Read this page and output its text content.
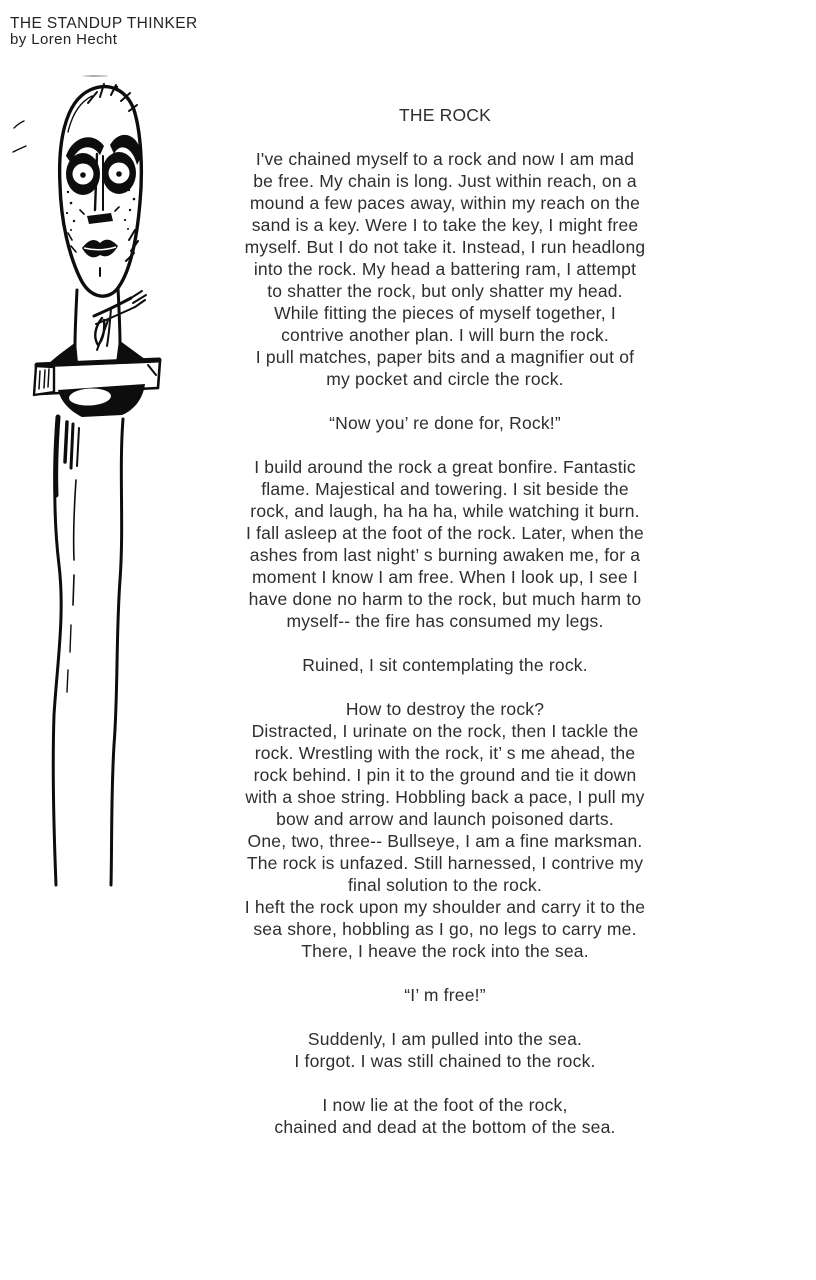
THE STANDUP THINKER
by Loren Hecht
THE ROCK
I've chained myself to a rock and now I am mad
be free. My chain is long. Just within reach, on a
mound a few paces away, within my reach on the
sand is a key. Were I to take the key, I might free
myself. But I do not take it. Instead, I run headlong
into the rock. My head a battering ram, I attempt
to shatter the rock, but only shatter my head.
While fitting the pieces of myself together, I
contrive another plan. I will burn the rock.
I pull matches, paper bits and a magnifier out of
my pocket and circle the rock.
“Now you’ re done for, Rock!”
I build around the rock a great bonfire. Fantastic
flame. Majestical and towering. I sit beside the
rock, and laugh, ha ha ha, while watching it burn.
I fall asleep at the foot of the rock. Later, when the
ashes from last night’ s burning awaken me, for a
moment I know I am free. When I look up, I see I
have done no harm to the rock, but much harm to
myself-- the fire has consumed my legs.
Ruined, I sit contemplating the rock.
How to destroy the rock?
Distracted, I urinate on the rock, then I tackle the
rock. Wrestling with the rock, it’ s me ahead, the
rock behind. I pin it to the ground and tie it down
with a shoe string. Hobbling back a pace, I pull my
bow and arrow and launch poisoned darts.
One, two, three-- Bullseye, I am a fine marksman.
The rock is unfazed. Still harnessed, I contrive my
final solution to the rock.
I heft the rock upon my shoulder and carry it to the
sea shore, hobbling as I go, no legs to carry me.
There, I heave the rock into the sea.
“I’ m free!”
Suddenly, I am pulled into the sea.
I forgot. I was still chained to the rock.
I now lie at the foot of the rock,
chained and dead at the bottom of the sea.
